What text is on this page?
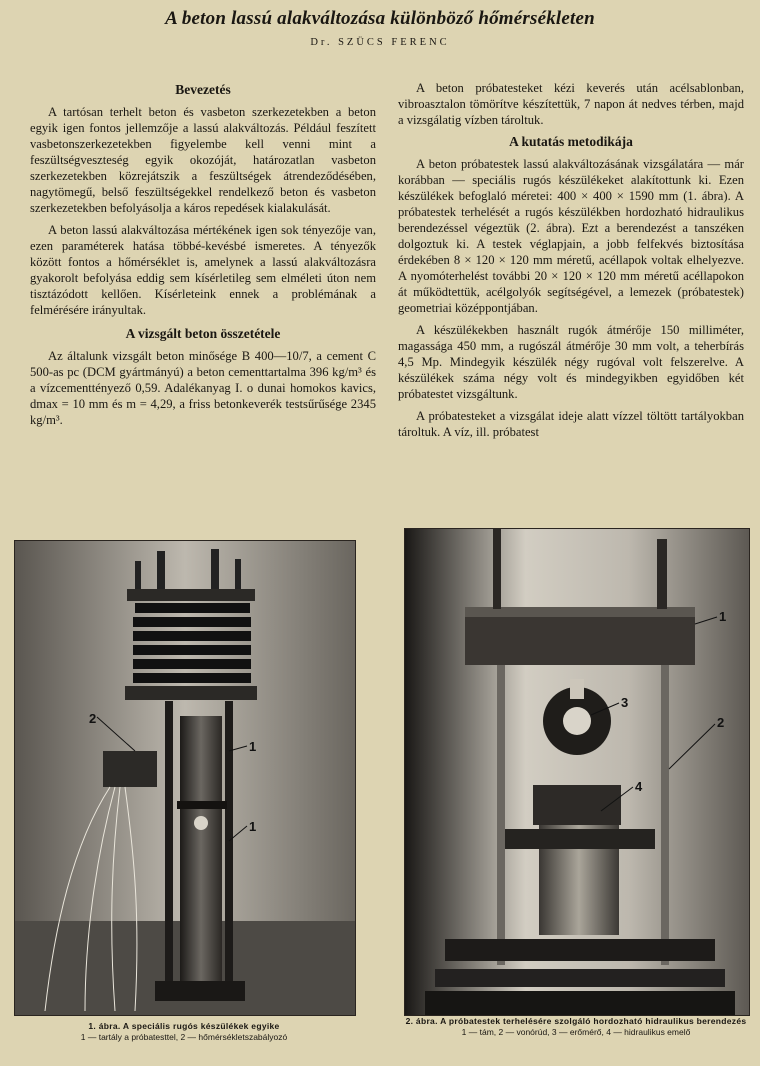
A beton lassú alakváltozása különböző hőmérsékleten
Dr. SZÜCS FERENC
Bevezetés

A tartósan terhelt beton és vasbeton szerkezetekben a beton egyik igen fontos jellemzője a lassú alakváltozás. Például feszített vasbetonszerkezetekben figyelembe kell venni mint a feszültségveszteség egyik okozóját, határozatlan vasbeton szerkezetekben közrejátszik a feszültségek átrendeződésében, nagytömegű, belső feszültségekkel rendelkező beton és vasbeton szerkezetekben befolyásolja a káros repedések kialakulását.

A beton lassú alakváltozása mértékének igen sok tényezője van, ezen paraméterek hatása többé-kevésbé ismeretes. A tényezők között fontos a hőmérséklet is, amelynek a lassú alakváltozásra gyakorolt befolyása eddig sem kísérletileg sem elméleti úton nem tisztázódott kellően. Kísérleteink ennek a problémának a felmérésére irányultak.

A vizsgált beton összetétele

Az általunk vizsgált beton minősége B 400—10/7, a cement C 500-as pc (DCM gyártmányú) a beton cementtartalma 396 kg/m³ és a vízcementtényező 0,59. Adalékanyag I. o dunai homokos kavics, dmax = 10 mm és m = 4,29, a friss betonkeverék testsűrűsége 2345 kg/m³.

A beton próbatesteket kézi keverés után acélsablonban, vibroasztalon tömörítve készítettük, 7 napon át nedves térben, majd a vizsgálatig vízben tároltuk.

A kutatás metodikája

A beton próbatestek lassú alakváltozásának vizsgálatára — már korábban — speciális rugós készülékeket alakítottunk ki. Ezen készülékek befoglaló méretei: 400 × 400 × 1590 mm (1. ábra). A próbatestek terhelését a rugós készülékben hordozható hidraulikus berendezéssel végeztük (2. ábra). Ezt a berendezést a tanszéken dolgoztuk ki. A testek véglapjain, a jobb felfekvés biztosítása érdekében 8 × 120 × 120 mm méretű, acéllapok voltak elhelyezve. A nyomóterhelést további 20 × 120 × 120 mm méretű acéllapokon át működtettük, acélgolyók segítségével, a lemezek (próbatestek) geometriai középpontjában.

A készülékekben használt rugók átmérője 150 milliméter, magassága 450 mm, a rugószál átmérője 30 mm volt, a teherbírás 4,5 Mp. Mindegyik készülék négy rugóval volt felszerelve. A készülékek száma négy volt és mindegyikben egyidőben két próbatestet vizsgáltunk.

A próbatesteket a vizsgálat ideje alatt vízzel töltött tartályokban tároltuk. A víz, ill. próbatest

2
1
1
1
2
3
4
1. ábra. A speciális rugós készülékek egyike
1 — tartály a próbatesttel, 2 — hőmérsékletszabályozó
2. ábra. A próbatestek terhelésére szolgáló hordozható hidraulikus berendezés
1 — tám, 2 — vonórúd, 3 — erőmérő, 4 — hidraulikus emelő
